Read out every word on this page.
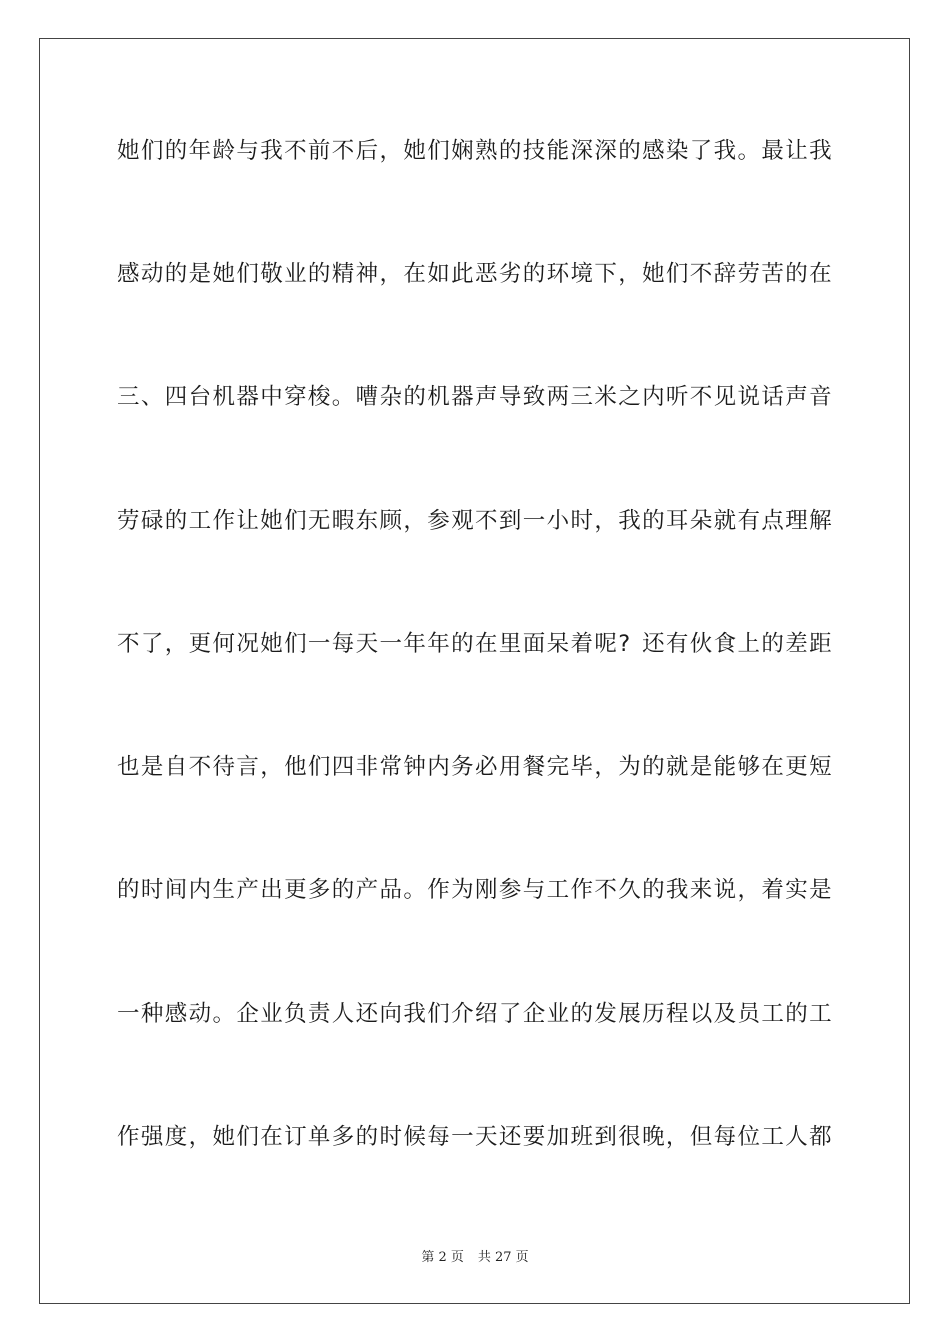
她 们 的 年 龄 与 我 不 前 不 后 ， 她 们 娴 熟 的 技 能 深 深 的 感 染 了 我 。 最 让 我
感 动 的 是 她 们 敬 业 的 精 神 ， 在 如 此 恶 劣 的 环 境 下 ， 她 们 不 辞 劳 苦 的 在
三 、 四 台 机 器 中 穿 梭 。 嘈 杂 的 机 器 声 导 致 两 三 米 之 内 听 不 见 说 话 声 音
劳 碌 的 工 作 让 她 们 无 暇 东 顾 ， 参 观 不 到 一 小 时 ， 我 的 耳 朵 就 有 点 理 解
不 了 ， 更 何 况 她 们 一 每 天 一 年 年 的 在 里 面 呆 着 呢 ? 还 有 伙 食 上 的 差 距
也 是 自 不 待 言 ， 他 们 四 非 常 钟 内 务 必 用 餐 完 毕 ， 为 的 就 是 能 够 在 更 短
的 时 间 内 生 产 出 更 多 的 产 品 。 作 为 刚 参 与 工 作 不 久 的 我 来 说 ， 着 实 是
一 种 感 动 。 企 业 负 责 人 还 向 我 们 介 绍 了 企 业 的 发 展 历 程 以 及 员 工 的 工
作 强 度 ， 她 们 在 订 单 多 的 时 候 每 一 天 还 要 加 班 到 很 晚 ， 但 每 位 工 人 都
第 2 页 共 27 页
